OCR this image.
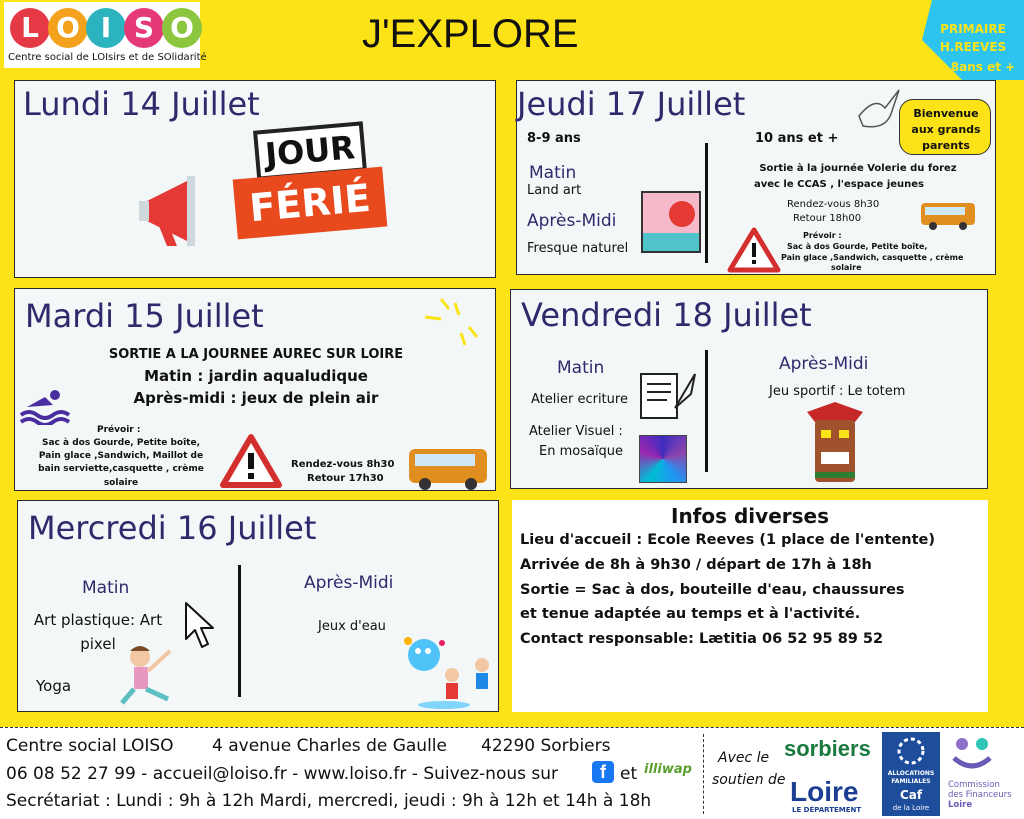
L O I S O
Centre social de LOIsirs et de SOlidarité
J'EXPLORE	PRIMAIRE
H.REEVES
8ans et +
Lundi 14 Juillet
JOUR
FÉRIÉ
Jeudi 17 Juillet	Bienvenue aux grands parents
8-9 ans
Matin
Land art
Après-Midi
Fresque naturel
10 ans et +
Sortie à la journée Volerie du forez
avec le CCAS , l'espace jeunes
Rendez-vous 8h30
Retour 18h00
Prévoir :
Sac à dos Gourde, Petite boîte,
Pain glace ,Sandwich, casquette , crème
solaire
Mardi 15 Juillet
SORTIE A LA JOURNEE AUREC SUR LOIRE
Matin : jardin aqualudique
Après-midi : jeux de plein air
Prévoir :
Sac à dos Gourde, Petite boîte,
Pain glace ,Sandwich, Maillot de
bain serviette,casquette , crème
solaire
Rendez-vous 8h30
Retour 17h30
Vendredi 18 Juillet
Matin
Atelier ecriture
Atelier Visuel :
En mosaïque
Après-Midi
Jeu sportif : Le totem
Mercredi 16 Juillet
Matin
Art plastique: Art
pixel
Yoga
Après-Midi
Jeux d'eau
Infos diverses
Lieu d'accueil : Ecole Reeves (1 place de l'entente)
Arrivée de 8h à 9h30 / départ de 17h à 18h
Sortie = Sac à dos, bouteille d'eau, chaussures
et tenue adaptée au temps et à l'activité.
Contact responsable: Lætitia 06 52 95 89 52
Centre social LOISO 4 avenue Charles de Gaulle 42290 Sorbiers
06 08 52 27 99 - accueil@loiso.fr - www.loiso.fr - Suivez-nous sur	f et illiwap
Secrétariat : Lundi : 9h à 12h Mardi, mercredi, jeudi : 9h à 12h et 14h à 18h
Avec le
soutien de
sorbiers
Loire
LE DÉPARTEMENT
ALLOCATIONS
FAMILIALES
Caf
de la Loire
Commission
des Financeurs
Loire
